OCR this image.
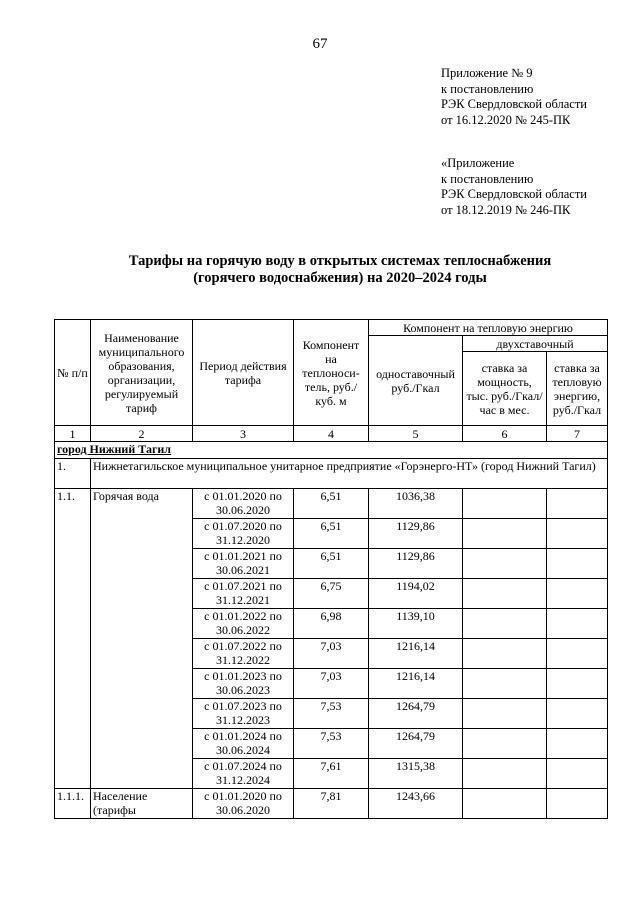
67
Приложение № 9
к постановлению
РЭК Свердловской области
от 16.12.2020 № 245-ПК
«Приложение
к постановлению
РЭК Свердловской области
от 18.12.2019 № 246-ПК
Тарифы на горячую воду в открытых системах теплоснабжения
(горячего водоснабжения) на 2020–2024 годы
№ п/п	Наименование муниципального образования, организации, регулируемый тариф	Период действия тарифа	Компонент на теплоноси-тель, руб./куб. м	Компонент на тепловую энергию		
				одноставочный руб./Гкал	двухставочный	
					ставка за мощность, тыс. руб./Гкал/час в мес.	ставка за тепловую энергию, руб./Гкал
1	2	3	4	5	6	7
город Нижний Тагил						
1.	Нижнетагильское муниципальное унитарное предприятие «Горэнерго-НТ» (город Нижний Тагил)					
1.1.	Горячая вода	с 01.01.2020 по 30.06.2020	6,51	1036,38		
		с 01.07.2020 по 31.12.2020	6,51	1129,86		
		с 01.01.2021 по 30.06.2021	6,51	1129,86		
		с 01.07.2021 по 31.12.2021	6,75	1194,02		
		с 01.01.2022 по 30.06.2022	6,98	1139,10		
		с 01.07.2022 по 31.12.2022	7,03	1216,14		
		с 01.01.2023 по 30.06.2023	7,03	1216,14		
		с 01.07.2023 по 31.12.2023	7,53	1264,79		
		с 01.01.2024 по 30.06.2024	7,53	1264,79		
		с 01.07.2024 по 31.12.2024	7,61	1315,38		
1.1.1.	Население (тарифы	с 01.01.2020 по 30.06.2020	7,81	1243,66		
